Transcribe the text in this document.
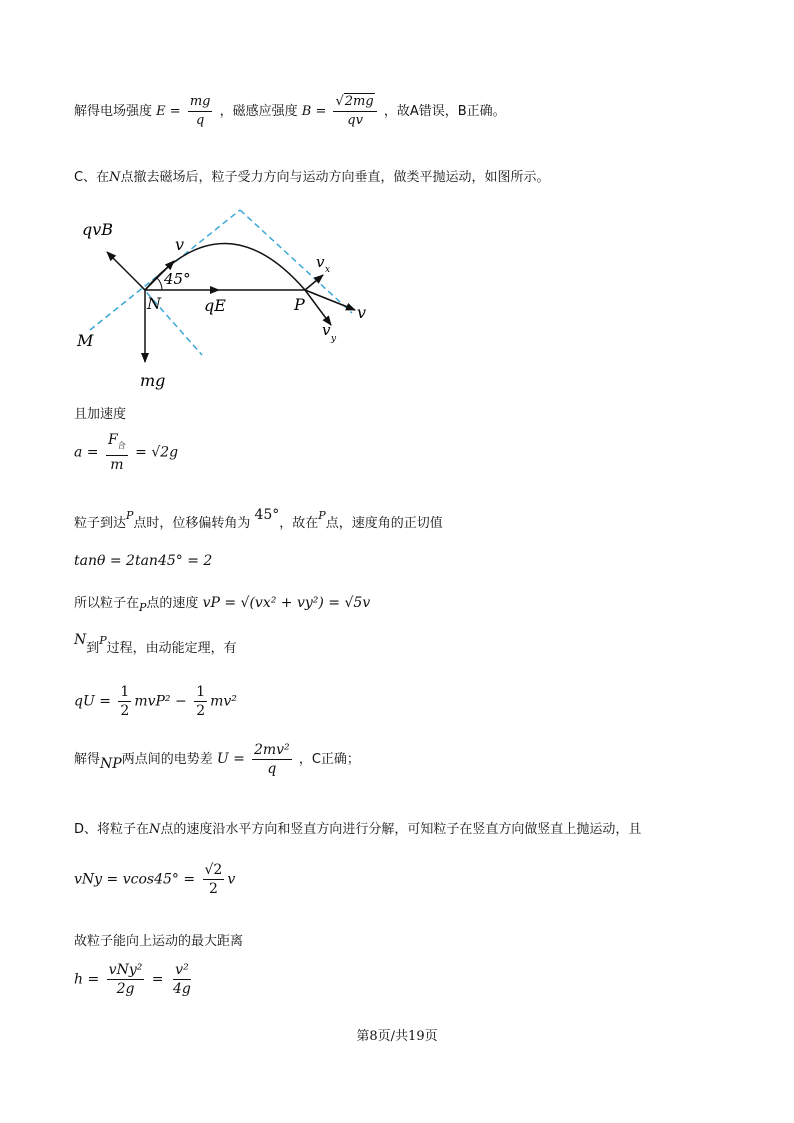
解得电场强度 $E = \frac{mg}{q}$ ，磁感应强度 $B = \frac{√2mg}{qv}$ ，故A错误，B正确。
C、在N点撤去磁场后，粒子受力方向与运动方向垂直，做类平抛运动，如图所示。
qvB
v
45°
N	qE	P
v x
v
v y
M
mg
且加速度
$a = \frac{F_合}{m} = √2g$
粒子到达$^P$点时，位移偏转角为45°，故在$^P$点，速度角的正切值
tanθ = 2tan45° = 2
所以粒子在$_P$点的速度 vP = √(vx² + vy²) = √5v
N到$^P$过程，由动能定理，有
qU = $\frac{1}{2} mvP^2 - \frac{1}{2} mv^2$
解得NP两点间的电势差 $U = \frac{\text{2mv²}}{q}$ ，C正确；
D、将粒子在N点的速度沿水平方向和竖直方向进行分解，可知粒子在竖直方向做竖直上抛运动，且
vNy = $vcos45^\circ = \frac{√2}{2}$ v
故粒子能向上运动的最大距离
$h = \frac{\text{vNy²}}{2g} = \frac{\text{v²}}{4g}$
第8页/共19页
